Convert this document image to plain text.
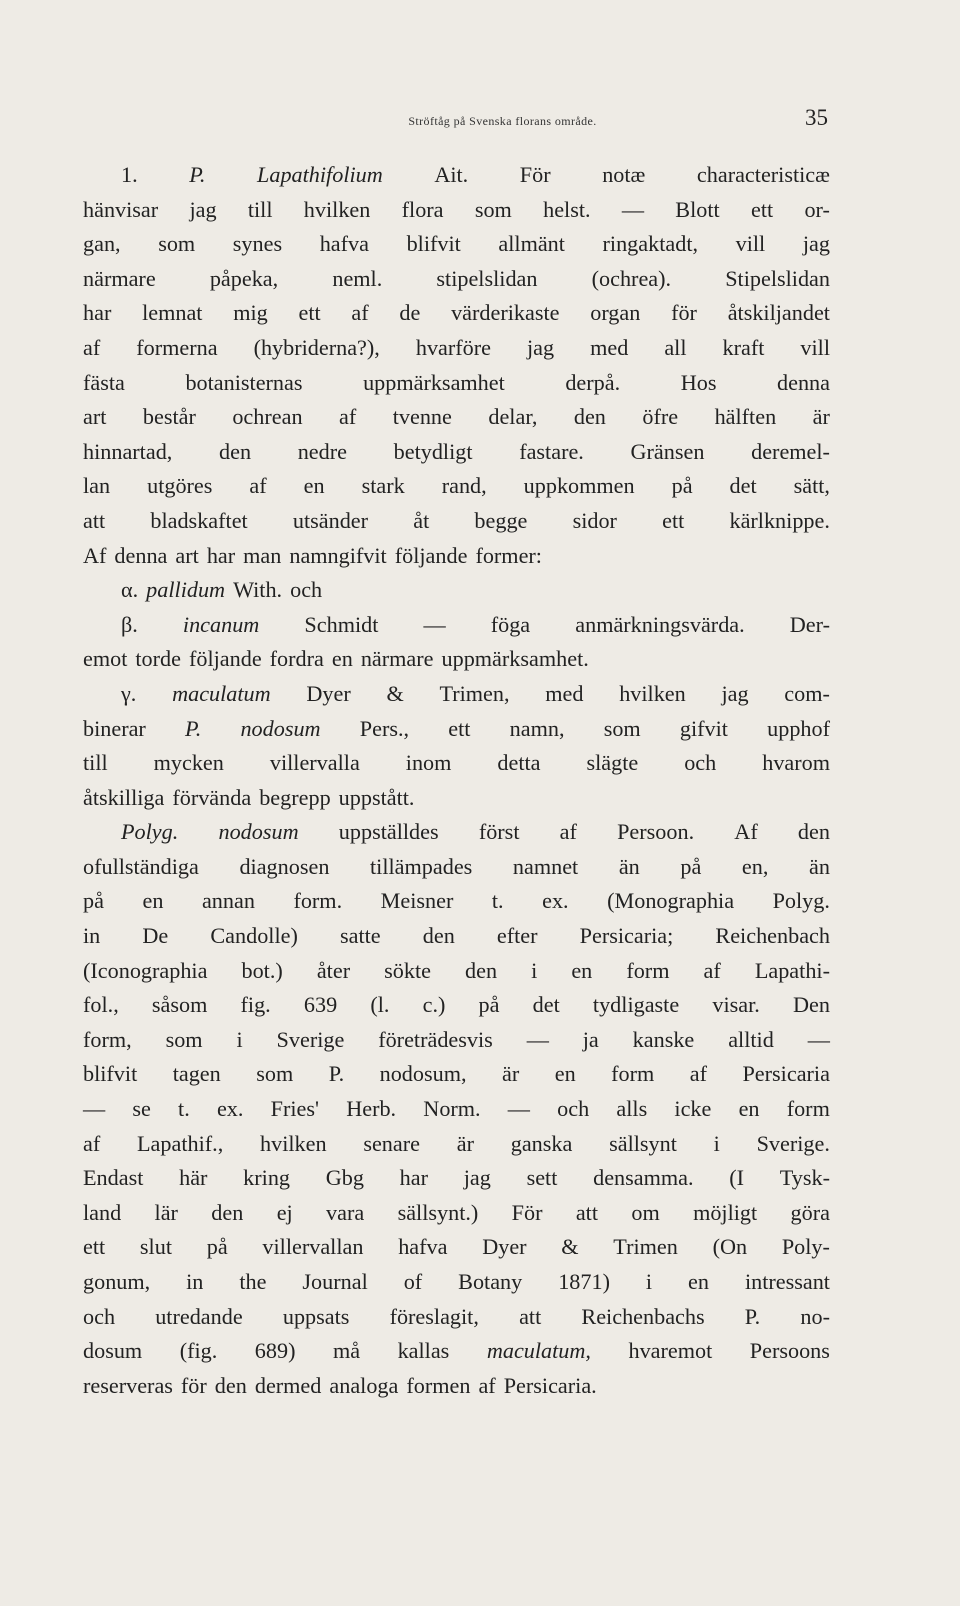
Ströftåg på Svenska florans område.	35
1. P. Lapathifolium Ait. För notæ characteristicæ
hänvisar jag till hvilken flora som helst. — Blott ett or-
gan, som synes hafva blifvit allmänt ringaktadt, vill jag
närmare påpeka, neml. stipelslidan (ochrea). Stipelslidan
har lemnat mig ett af de värderikaste organ för åtskiljandet
af formerna (hybriderna?), hvarföre jag med all kraft vill
fästa	botanisternas	uppmärksamhet	derpå.	Hos	denna
art består ochrean af tvenne delar, den öfre hälften är
hinnartad, den nedre betydligt fastare. Gränsen deremel-
lan utgöres af en stark rand, uppkommen på det sätt,
att bladskaftet utsänder åt begge sidor ett kärlknippe.
Af denna art har man namngifvit följande former:
α. pallidum With. och
β. incanum Schmidt — föga anmärkningsvärda. Der-
emot torde följande fordra en närmare uppmärksamhet.
γ. maculatum Dyer & Trimen, med hvilken jag com-
binerar P. nodosum Pers., ett namn, som gifvit upphof
till mycken villervalla inom detta slägte och hvarom
åtskilliga förvända begrepp uppstått.
Polyg. nodosum uppställdes först af Persoon. Af den
ofullständiga diagnosen tillämpades namnet än på en, än
på en annan form. Meisner t. ex. (Monographia Polyg.
in De Candolle) satte den efter Persicaria; Reichenbach
(Iconographia bot.) åter sökte den i en form af Lapathi-
fol., såsom fig. 639 (l. c.) på det tydligaste visar. Den
form, som i Sverige företrädesvis — ja kanske alltid —
blifvit tagen som P. nodosum, är en form af Persicaria
— se t. ex. Fries' Herb. Norm. — och alls icke en form
af Lapathif., hvilken senare är ganska sällsynt i Sverige.
Endast här kring Gbg har jag sett densamma. (I Tysk-
land lär den ej vara sällsynt.) För att om möjligt göra
ett slut på villervallan hafva Dyer & Trimen (On Poly-
gonum, in the Journal of Botany 1871) i en intressant
och utredande uppsats föreslagit, att Reichenbachs P. no-
dosum (fig. 689) må kallas maculatum, hvaremot Persoons
reserveras för den dermed analoga formen af Persicaria.
